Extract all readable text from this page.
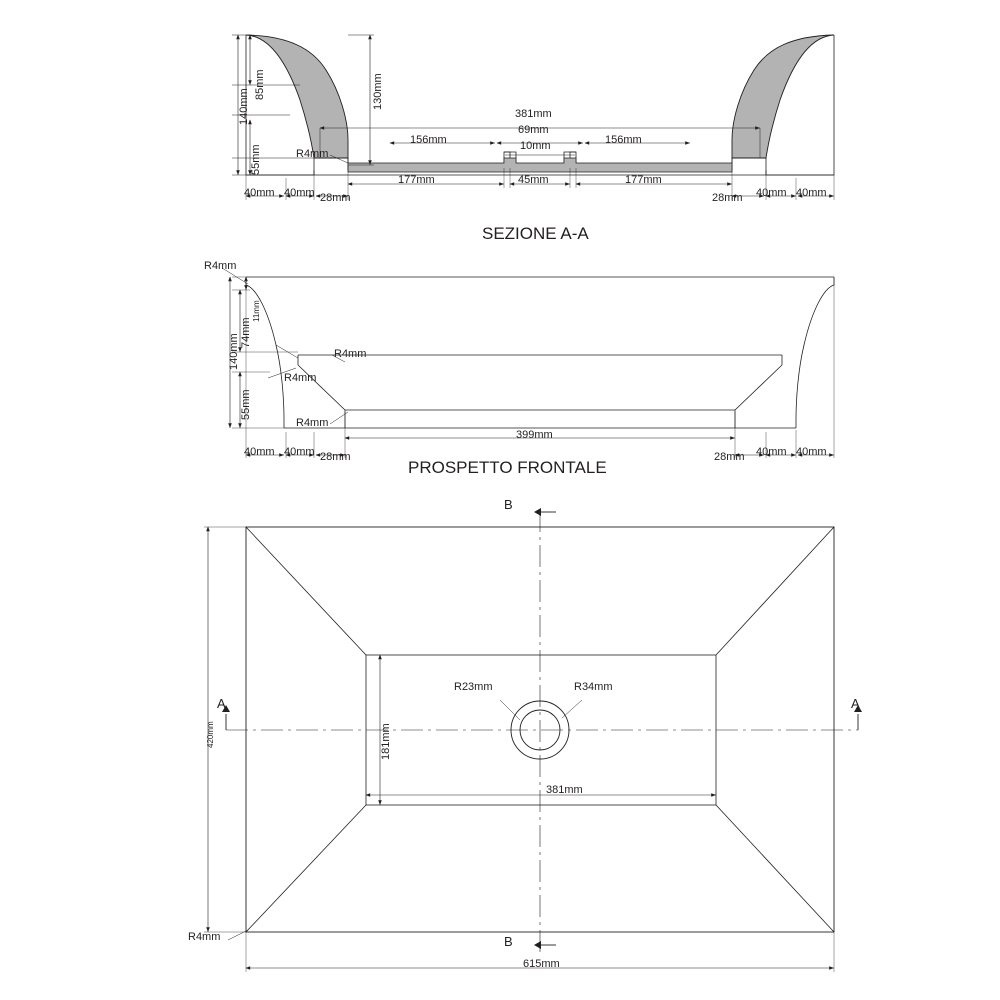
85mm
140mm
55mm
130mm
R4mm
156mm
381mm
69mm
10mm	156mm
177mm	45mm	177mm
40mm 40mm 28mm	28mm 40mm 40mm
SEZIONE A-A
R4mm
11mm
74mm
140mm
55mm
R4mm
R4mm
R4mm
399mm
40mm 40mm 28mm	28mm 40mm 40mm
PROSPETTO FRONTALE
B
B
A	A
420mm	181mm
R23mm	R34mm
381mm
R4mm
615mm
